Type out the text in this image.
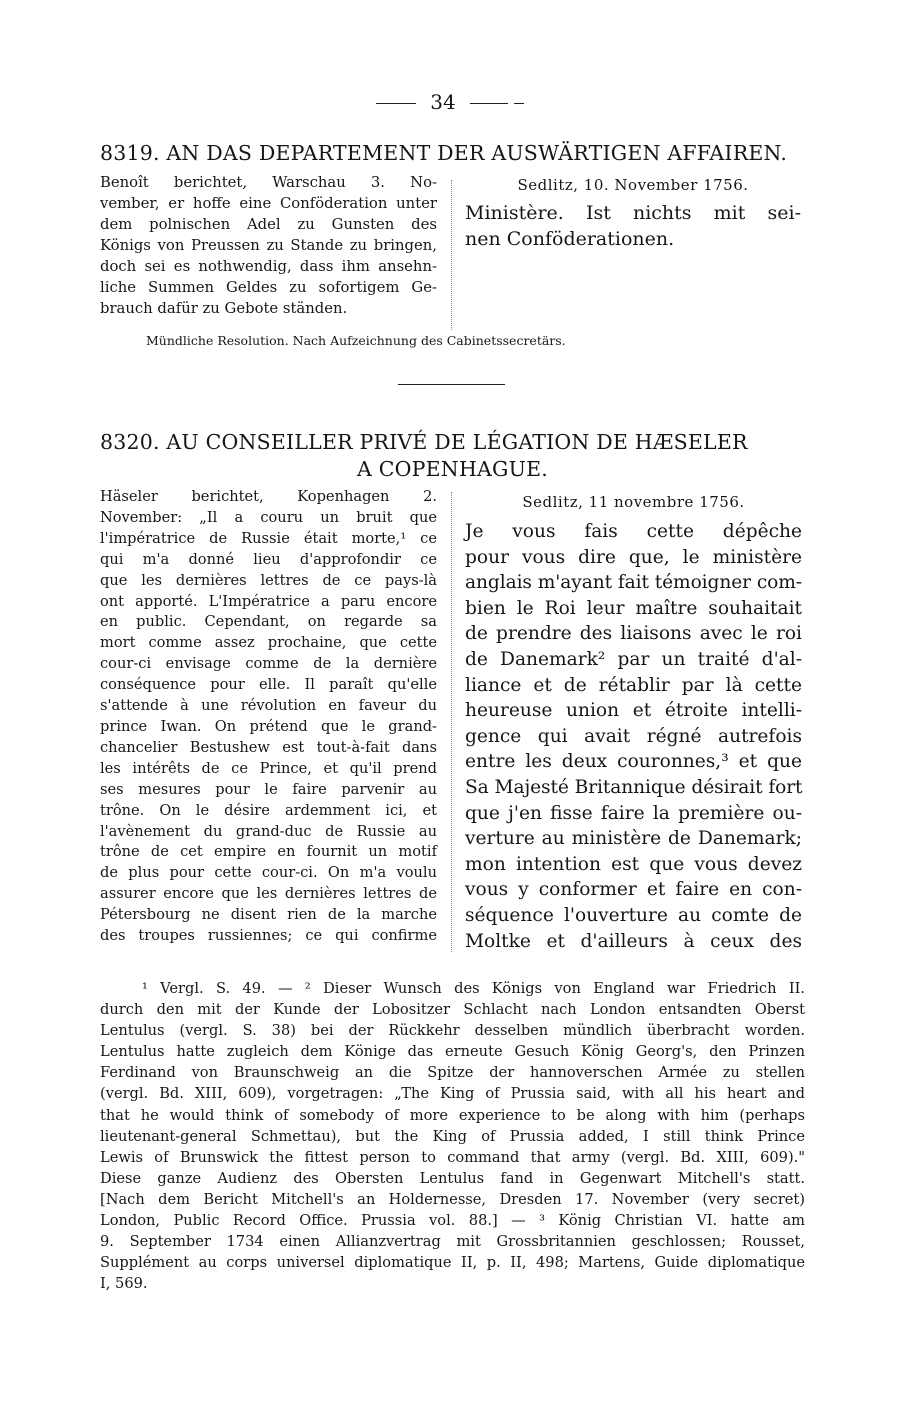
34
8319. AN DAS DEPARTEMENT DER AUSWÄRTIGEN AFFAIREN.
Benoît berichtet, Warschau 3. No-
vember, er hoffe eine Conföderation unter
dem polnischen Adel zu Gunsten des
Königs von Preussen zu Stande zu bringen,
doch sei es nothwendig, dass ihm ansehn-
liche Summen Geldes zu sofortigem Ge-
brauch dafür zu Gebote ständen.
Sedlitz, 10. November 1756.
Ministère. Ist nichts mit sei-
nen Conföderationen.
Mündliche Resolution. Nach Aufzeichnung des Cabinetssecretärs.
8320. AU CONSEILLER PRIVÉ DE LÉGATION DE HÆSELER
A COPENHAGUE.
Häseler berichtet, Kopenhagen 2.
November: „Il a couru un bruit que
l'impératrice de Russie était morte,¹ ce
qui m'a donné lieu d'approfondir ce
que les dernières lettres de ce pays-là
ont apporté. L'Impératrice a paru encore
en public. Cependant, on regarde sa
mort comme assez prochaine, que cette
cour-ci envisage comme de la dernière
conséquence pour elle. Il paraît qu'elle
s'attende à une révolution en faveur du
prince Iwan. On prétend que le grand-
chancelier Bestushew est tout-à-fait dans
les intérêts de ce Prince, et qu'il prend
ses mesures pour le faire parvenir au
trône. On le désire ardemment ici, et
l'avènement du grand-duc de Russie au
trône de cet empire en fournit un motif
de plus pour cette cour-ci. On m'a voulu
assurer encore que les dernières lettres de
Pétersbourg ne disent rien de la marche
des troupes russiennes; ce qui confirme
Sedlitz, 11 novembre 1756.
Je vous fais cette dépêche
pour vous dire que, le ministère
anglais m'ayant fait témoigner com-
bien le Roi leur maître souhaitait
de prendre des liaisons avec le roi
de Danemark² par un traité d'al-
liance et de rétablir par là cette
heureuse union et étroite intelli-
gence qui avait régné autrefois
entre les deux couronnes,³ et que
Sa Majesté Britannique désirait fort
que j'en fisse faire la première ou-
verture au ministère de Danemark;
mon intention est que vous devez
vous y conformer et faire en con-
séquence l'ouverture au comte de
Moltke et d'ailleurs à ceux des
¹ Vergl. S. 49. — ² Dieser Wunsch des Königs von England war Friedrich II.
durch den mit der Kunde der Lobositzer Schlacht nach London entsandten Oberst
Lentulus (vergl. S. 38) bei der Rückkehr desselben mündlich überbracht worden.
Lentulus hatte zugleich dem Könige das erneute Gesuch König Georg's, den Prinzen
Ferdinand von Braunschweig an die Spitze der hannoverschen Armée zu stellen
(vergl. Bd. XIII, 609), vorgetragen: „The King of Prussia said, with all his heart and
that he would think of somebody of more experience to be along with him (perhaps
lieutenant-general Schmettau), but the King of Prussia added, I still think Prince
Lewis of Brunswick the fittest person to command that army (vergl. Bd. XIII, 609)."
Diese ganze Audienz des Obersten Lentulus fand in Gegenwart Mitchell's statt.
[Nach dem Bericht Mitchell's an Holdernesse, Dresden 17. November (very secret)
London, Public Record Office. Prussia vol. 88.] — ³ König Christian VI. hatte am
9. September 1734 einen Allianzvertrag mit Grossbritannien geschlossen; Rousset,
Supplément au corps universel diplomatique II, p. II, 498; Martens, Guide diplomatique
I, 569.
